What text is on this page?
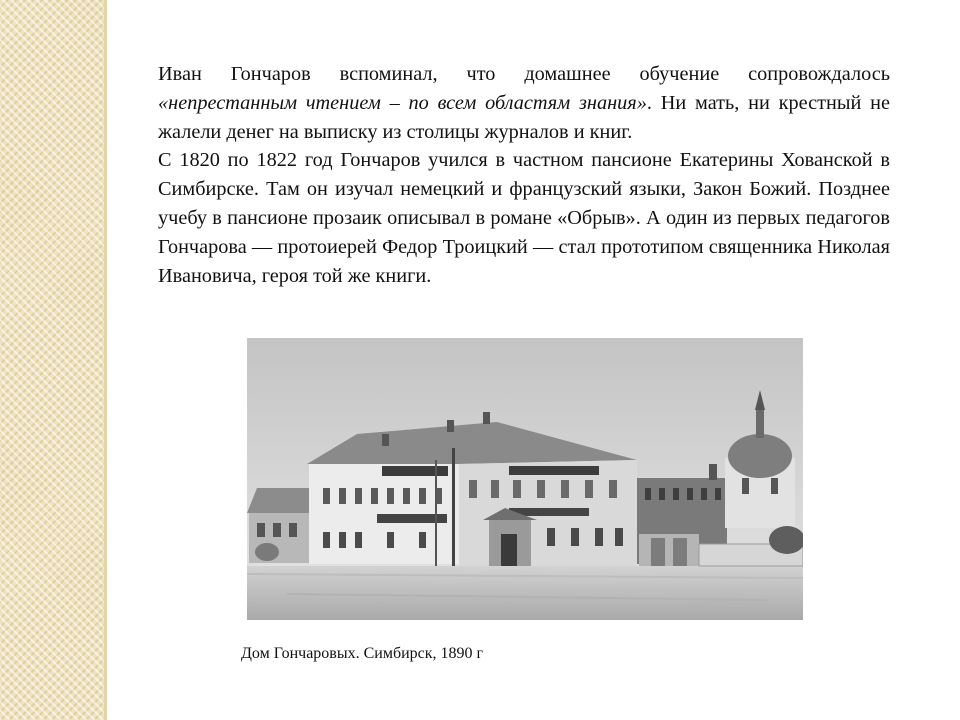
Иван Гончаров вспоминал, что домашнее обучение сопровождалось «непрестанным чтением – по всем областям знания». Ни мать, ни крестный не жалели денег на выписку из столицы журналов и книг.

С 1820 по 1822 год Гончаров учился в частном пансионе Екатерины Хованской в Симбирске. Там он изучал немецкий и французский языки, Закон Божий. Позднее учебу в пансионе прозаик описывал в романе «Обрыв». А один из первых педагогов Гончарова — протоиерей Федор Троицкий — стал прототипом священника Николая Ивановича, героя той же книги.

Дом Гончаровых. Симбирск, 1890 г
